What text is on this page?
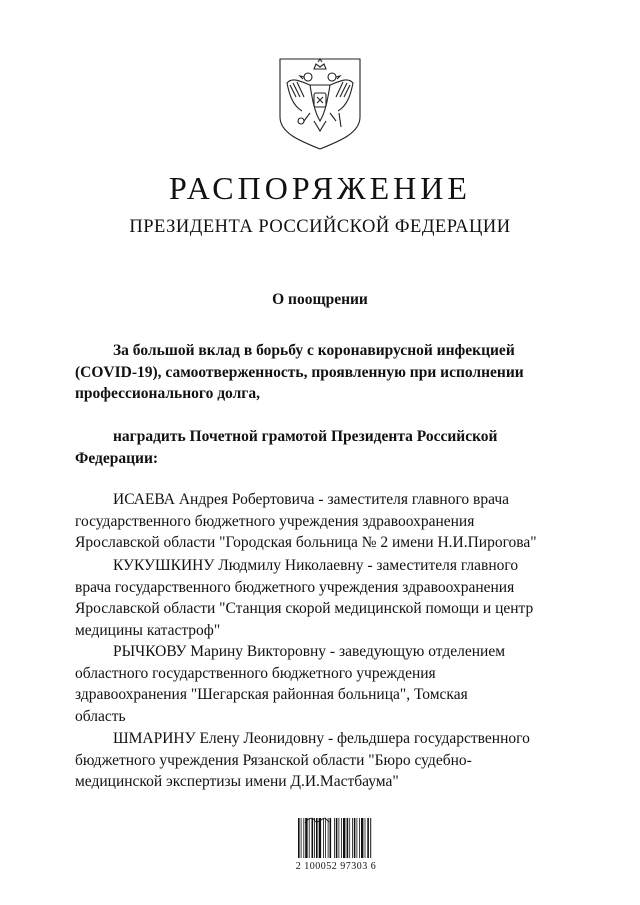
РАСПОРЯЖЕНИЕ
ПРЕЗИДЕНТА РОССИЙСКОЙ ФЕДЕРАЦИИ
О поощрении
За большой вклад в борьбу с коронавирусной инфекцией
(COVID-19), самоотверженность, проявленную при исполнении
профессионального долга,
наградить Почетной грамотой Президента Российской
Федерации:
ИСАЕВА Андрея Робертовича - заместителя главного врача
государственного бюджетного учреждения здравоохранения
Ярославской области "Городская больница № 2 имени Н.И.Пирогова"
КУКУШКИНУ Людмилу Николаевну - заместителя главного
врача государственного бюджетного учреждения здравоохранения
Ярославской области "Станция скорой медицинской помощи и центр
медицины катастроф"
РЫЧКОВУ Марину Викторовну - заведующую отделением
областного государственного бюджетного учреждения
здравоохранения "Шегарская районная больница", Томская
область
ШМАРИНУ Елену Леонидовну - фельдшера государственного
бюджетного учреждения Рязанской области "Бюро судебно-
медицинской экспертизы имени Д.И.Мастбаума"
2 100052 97303 6
